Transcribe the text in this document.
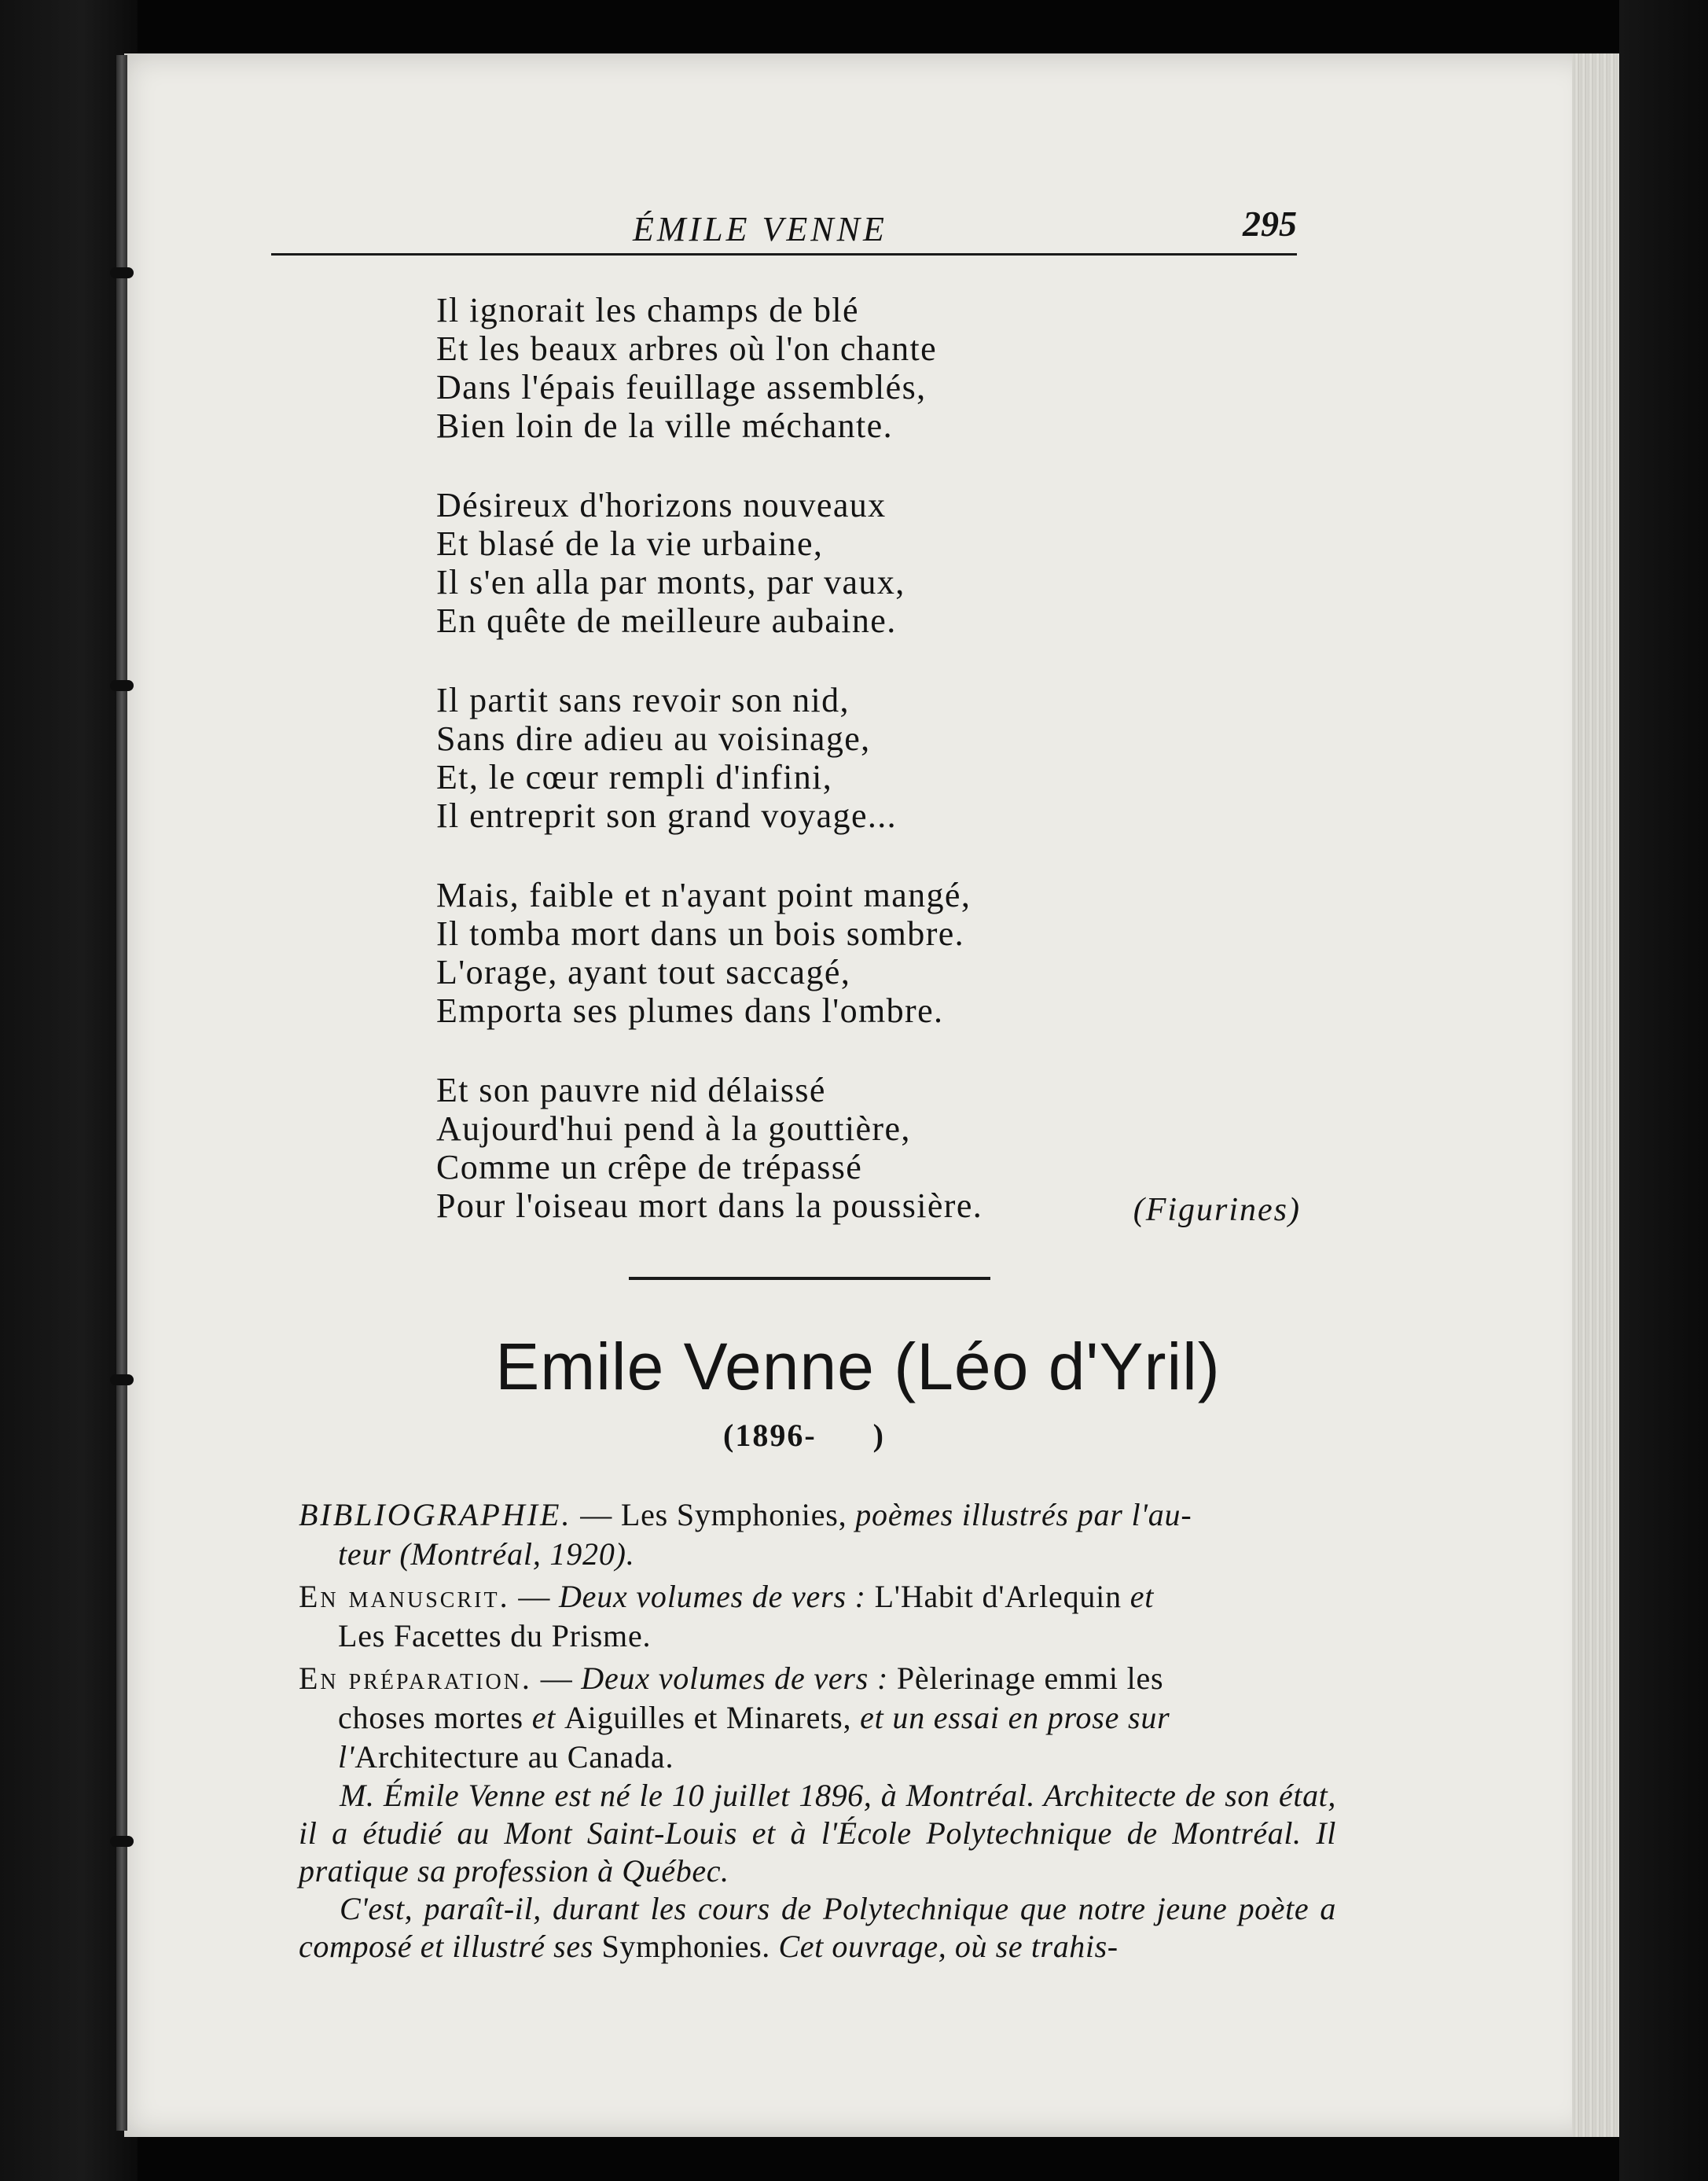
ÉMILE VENNE	295
Il ignorait les champs de blé
Et les beaux arbres où l'on chante
Dans l'épais feuillage assemblés,
Bien loin de la ville méchante.
Désireux d'horizons nouveaux
Et blasé de la vie urbaine,
Il s'en alla par monts, par vaux,
En quête de meilleure aubaine.
Il partit sans revoir son nid,
Sans dire adieu au voisinage,
Et, le cœur rempli d'infini,
Il entreprit son grand voyage...
Mais, faible et n'ayant point mangé,
Il tomba mort dans un bois sombre.
L'orage, ayant tout saccagé,
Emporta ses plumes dans l'ombre.
Et son pauvre nid délaissé
Aujourd'hui pend à la gouttière,
Comme un crêpe de trépassé
Pour l'oiseau mort dans la poussière.	(Figurines)
Emile Venne (Léo d'Yril)
(1896-      )
BIBLIOGRAPHIE. — Les Symphonies, poèmes illustrés par l'au-
teur (Montréal, 1920).
En manuscrit. — Deux volumes de vers : L'Habit d'Arlequin et
Les Facettes du Prisme.
En préparation. — Deux volumes de vers : Pèlerinage emmi les
choses mortes et Aiguilles et Minarets, et un essai en prose sur
l'Architecture au Canada.

M. Émile Venne est né le 10 juillet 1896, à Montréal. Architecte de son état, il a étudié au Mont Saint-Louis et à l'École Polytechnique de Montréal. Il pratique sa profession à Québec.

C'est, paraît-il, durant les cours de Polytechnique que notre jeune poète a composé et illustré ses Symphonies. Cet ouvrage, où se trahis-
